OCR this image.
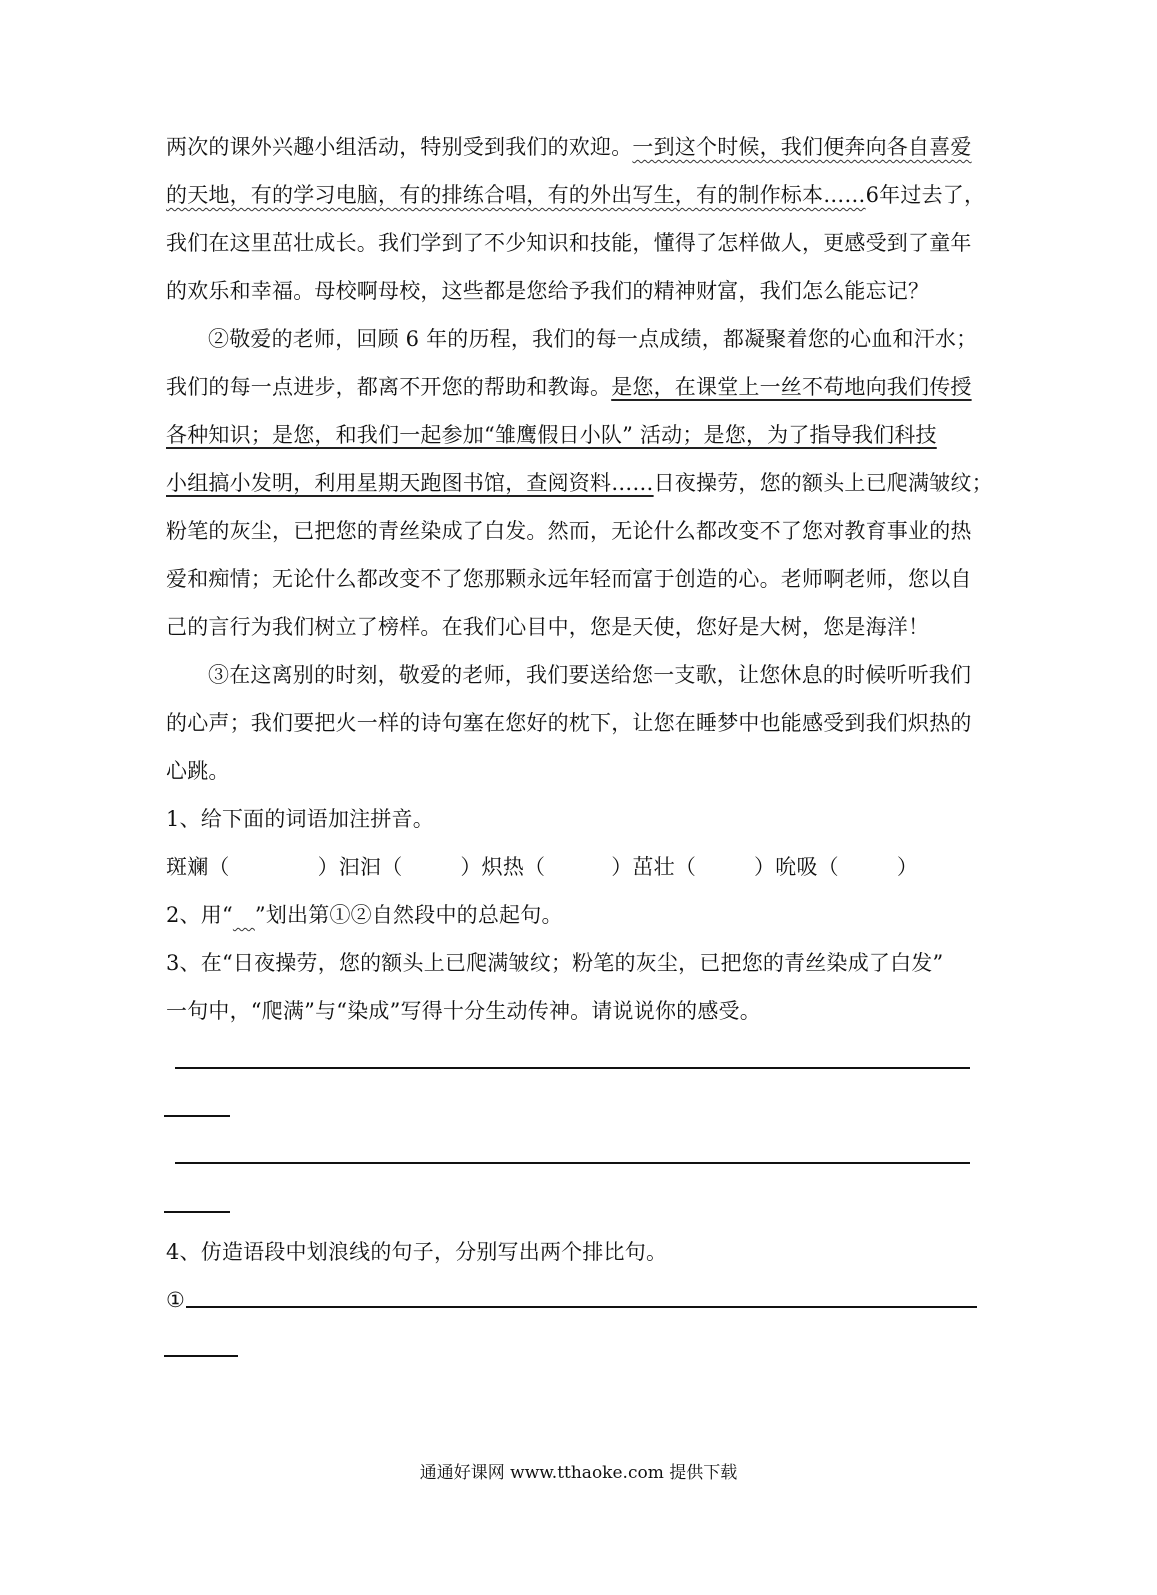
两次的课外兴趣小组活动，特别受到我们的欢迎。一到这个时候，我们便奔向各自喜爱
的天地，有的学习电脑，有的排练合唱，有的外出写生，有的制作标本……6年过去了，
我们在这里茁壮成长。我们学到了不少知识和技能，懂得了怎样做人，更感受到了童年
的欢乐和幸福。母校啊母校，这些都是您给予我们的精神财富，我们怎么能忘记？
②敬爱的老师，回顾 6 年的历程，我们的每一点成绩，都凝聚着您的心血和汗水；
我们的每一点进步，都离不开您的帮助和教诲。是您，在课堂上一丝不苟地向我们传授
各种知识；是您，和我们一起参加“雏鹰假日小队” 活动；是您，为了指导我们科技
小组搞小发明，利用星期天跑图书馆，查阅资料……日夜操劳，您的额头上已爬满皱纹；
粉笔的灰尘，已把您的青丝染成了白发。然而，无论什么都改变不了您对教育事业的热
爱和痴情；无论什么都改变不了您那颗永远年轻而富于创造的心。老师啊老师，您以自
己的言行为我们树立了榜样。在我们心目中，您是天使，您好是大树，您是海洋！
③在这离别的时刻，敬爱的老师，我们要送给您一支歌，让您休息的时候听听我们
的心声；我们要把火一样的诗句塞在您好的枕下，让您在睡梦中也能感受到我们炽热的
心跳。
1、给下面的词语加注拼音。
斑斓（	）汩汩（	）炽热（	）茁壮（	）吮吸（	）
2、用“……”划出第①②自然段中的总起句。
3、在“日夜操劳，您的额头上已爬满皱纹；粉笔的灰尘，已把您的青丝染成了白发”
一句中，“爬满”与“染成”写得十分生动传神。请说说你的感受。
4、仿造语段中划浪线的句子，分别写出两个排比句。
①
通通好课网 www.tthaoke.com 提供下载
